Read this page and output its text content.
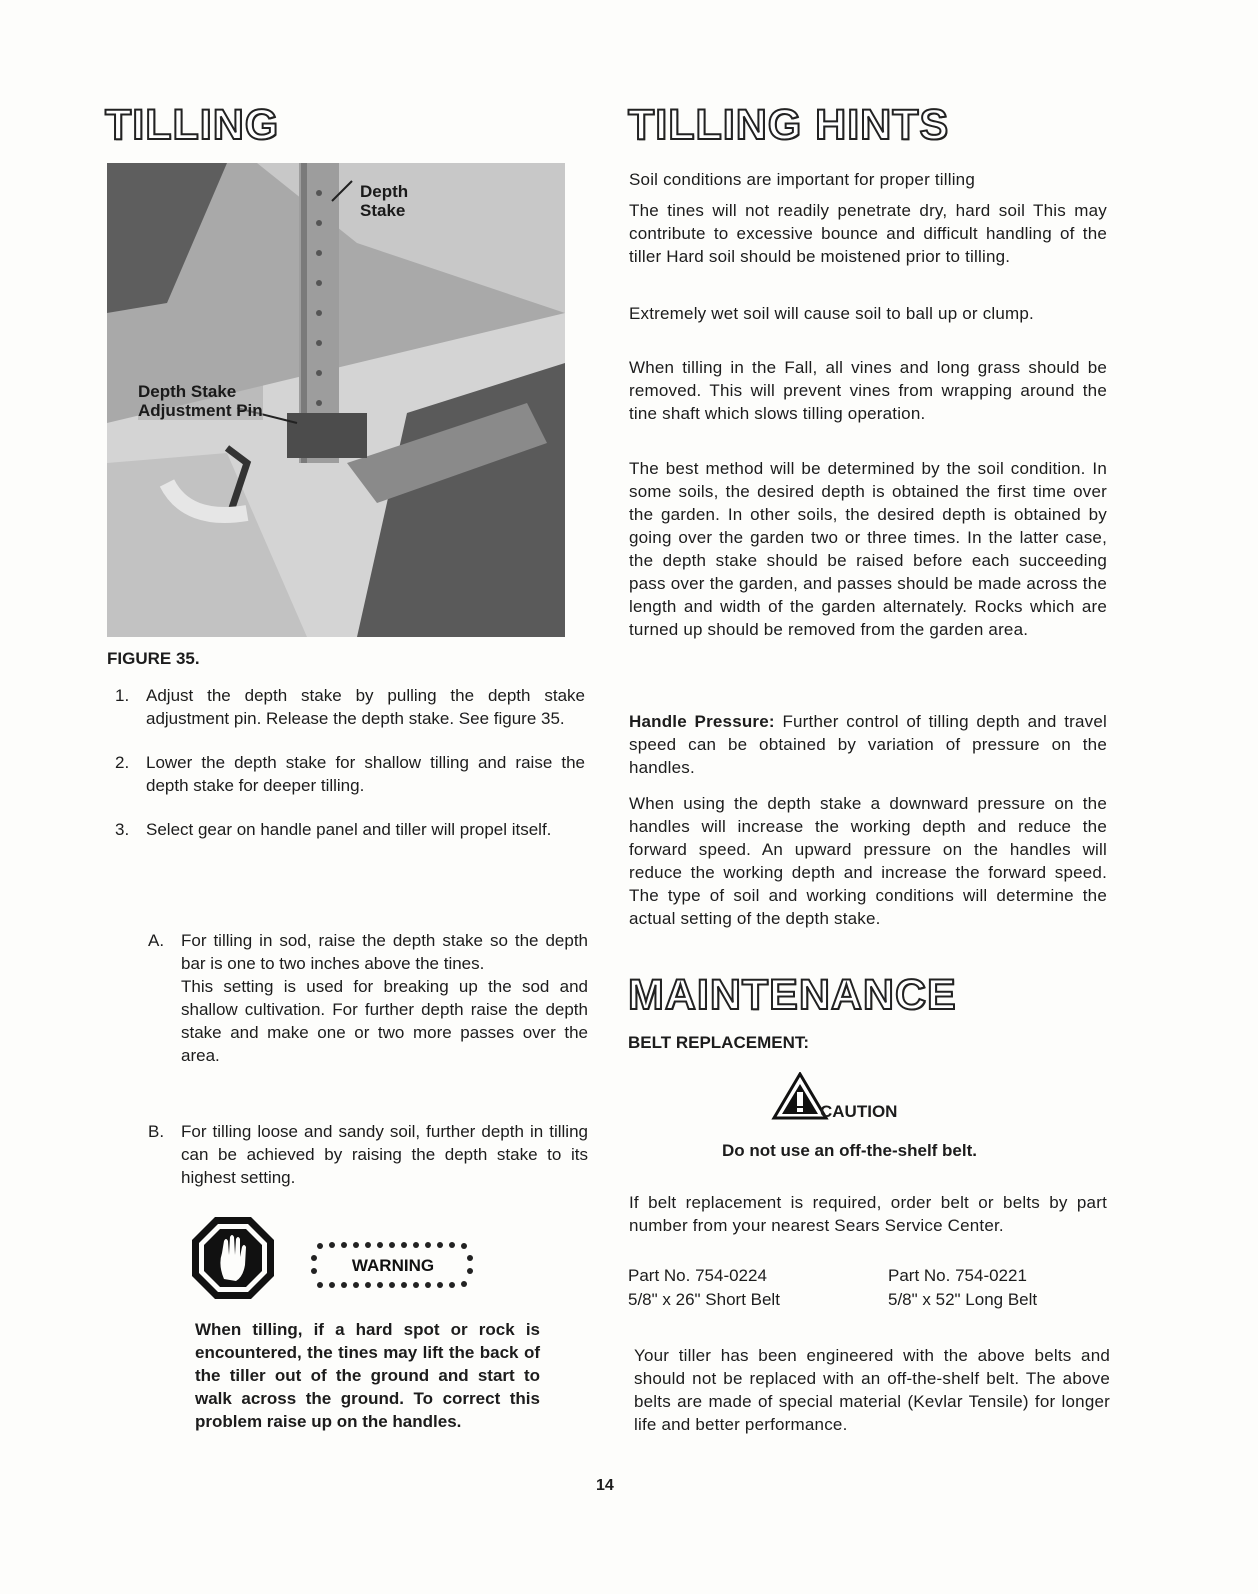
TILLING
Depth
Stake
Depth Stake
Adjustment Pin
FIGURE 35.
1. Adjust the depth stake by pulling the depth stake adjustment pin. Release the depth stake. See figure 35.
2. Lower the depth stake for shallow tilling and raise the depth stake for deeper tilling.
3. Select gear on handle panel and tiller will propel itself.
A. For tilling in sod, raise the depth stake so the depth bar is one to two inches above the tines.
This setting is used for breaking up the sod and shallow cultivation. For further depth raise the depth stake and make one or two more passes over the area.
B. For tilling loose and sandy soil, further depth in tilling can be achieved by raising the depth stake to its highest setting.
WARNING
When tilling, if a hard spot or rock is encountered, the tines may lift the back of the tiller out of the ground and start to walk across the ground. To correct this problem raise up on the handles.
TILLING HINTS
Soil conditions are important for proper tilling
The tines will not readily penetrate dry, hard soil This may contribute to excessive bounce and difficult handling of the tiller Hard soil should be moistened prior to tilling.
Extremely wet soil will cause soil to ball up or clump.
When tilling in the Fall, all vines and long grass should be removed. This will prevent vines from wrapping around the tine shaft which slows tilling operation.
The best method will be determined by the soil condition. In some soils, the desired depth is obtained the first time over the garden. In other soils, the desired depth is obtained by going over the garden two or three times. In the latter case, the depth stake should be raised before each succeeding pass over the garden, and passes should be made across the length and width of the garden alternately. Rocks which are turned up should be removed from the garden area.
Handle Pressure: Further control of tilling depth and travel speed can be obtained by variation of pressure on the handles.
When using the depth stake a downward pressure on the handles will increase the working depth and reduce the forward speed. An upward pressure on the handles will reduce the working depth and increase the forward speed. The type of soil and working conditions will determine the actual setting of the depth stake.
MAINTENANCE
BELT REPLACEMENT:
CAUTION
Do not use an off-the-shelf belt.
If belt replacement is required, order belt or belts by part number from your nearest Sears Service Center.
Part No. 754-0224
5/8" x 26" Short Belt
Part No. 754-0221
5/8" x 52" Long Belt
Your tiller has been engineered with the above belts and should not be replaced with an off-the-shelf belt. The above belts are made of special material (Kevlar Tensile) for longer life and better performance.
14
